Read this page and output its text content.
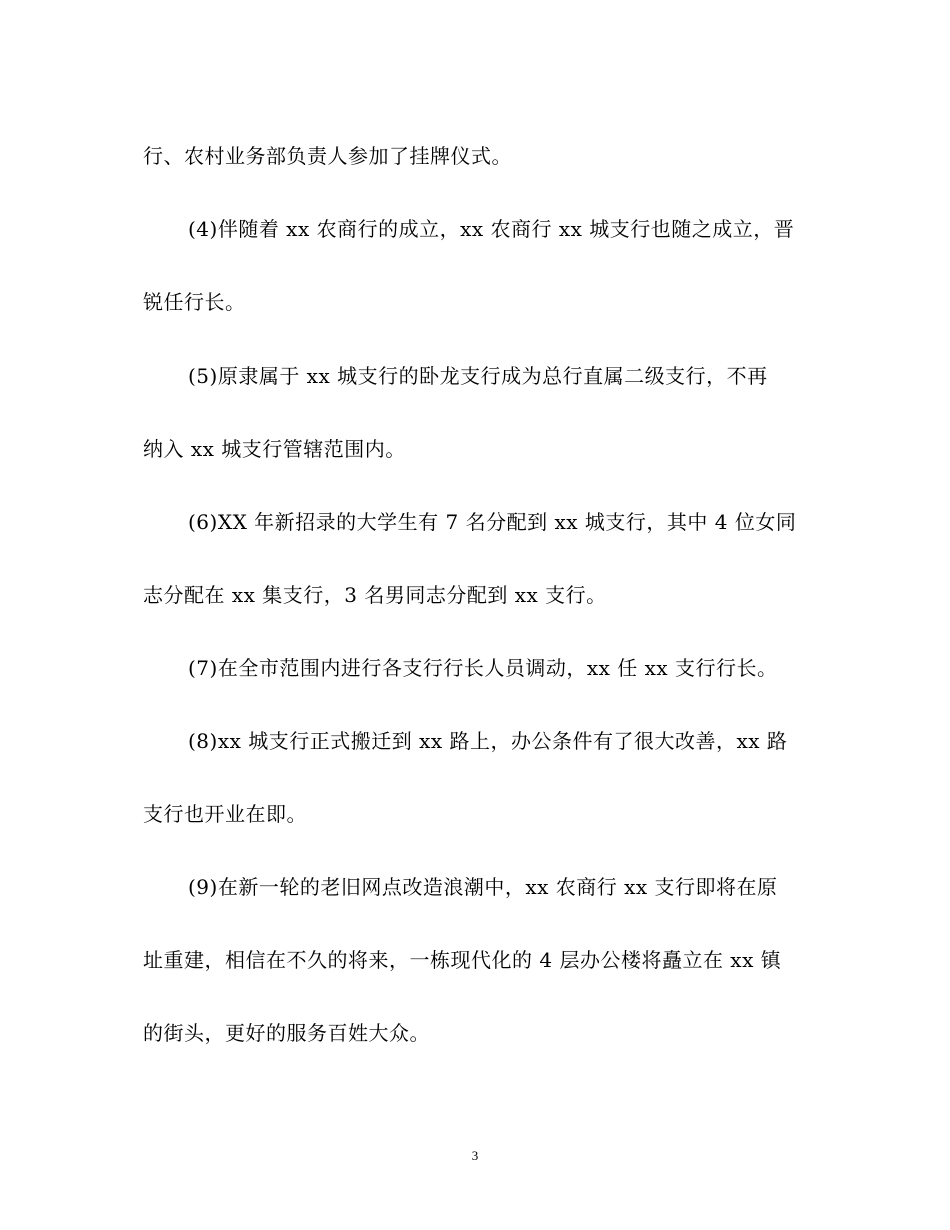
行、农村业务部负责人参加了挂牌仪式。
(4)伴随着 xx 农商行的成立，xx 农商行 xx 城支行也随之成立，晋
锐任行长。
(5)原隶属于 xx 城支行的卧龙支行成为总行直属二级支行，不再
纳入 xx 城支行管辖范围内。
(6)XX 年新招录的大学生有 7 名分配到 xx 城支行，其中 4 位女同
志分配在 xx 集支行，3 名男同志分配到 xx 支行。
(7)在全市范围内进行各支行行长人员调动，xx 任 xx 支行行长。
(8)xx 城支行正式搬迁到 xx 路上，办公条件有了很大改善，xx 路
支行也开业在即。
(9)在新一轮的老旧网点改造浪潮中，xx 农商行 xx 支行即将在原
址重建，相信在不久的将来，一栋现代化的 4 层办公楼将矗立在 xx 镇
的街头，更好的服务百姓大众。
3
